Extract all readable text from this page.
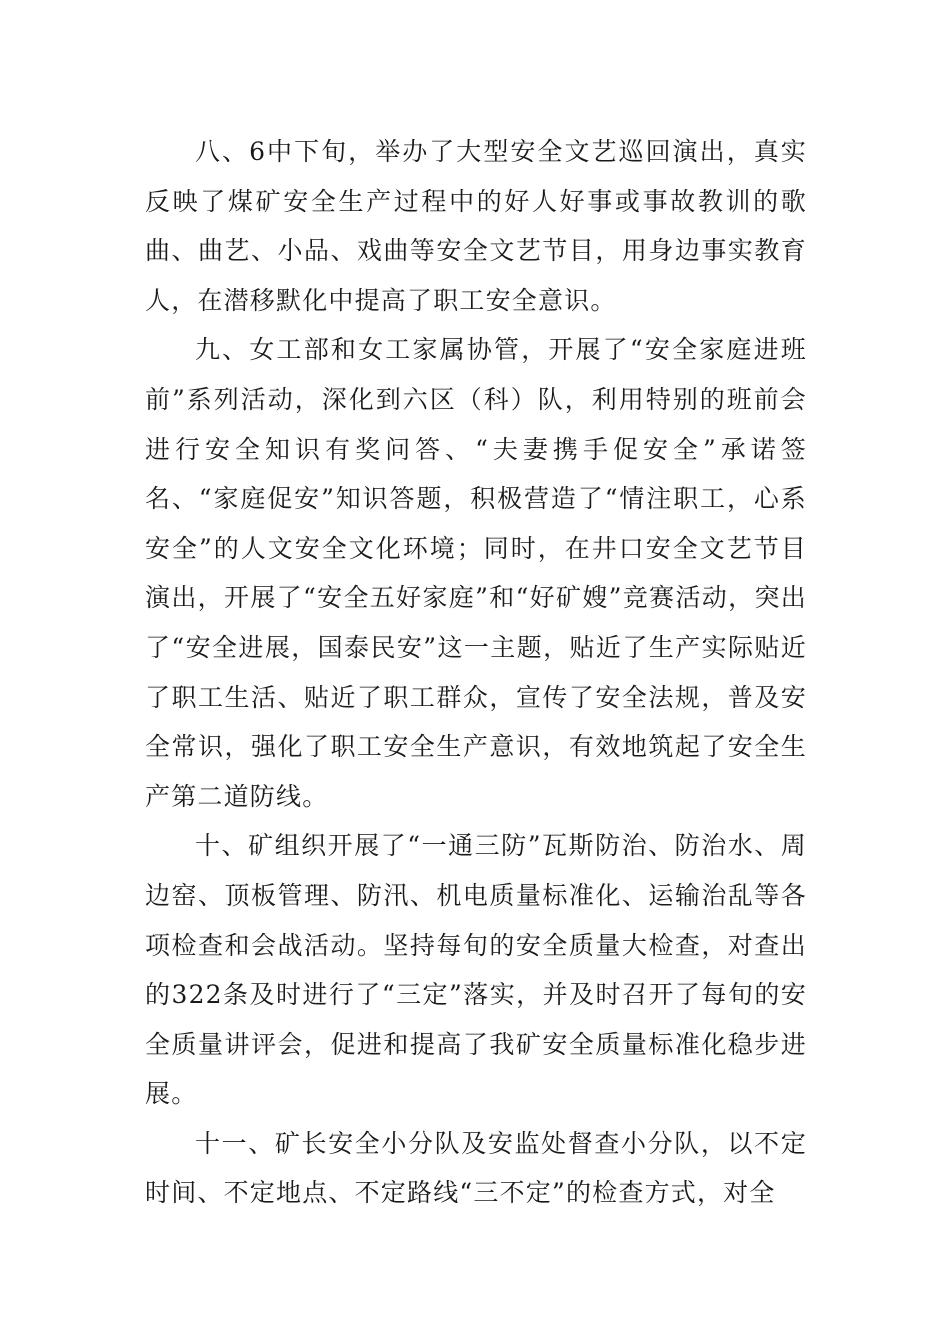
八、6中下旬，举办了大型安全文艺巡回演出，真实反映了煤矿安全生产过程中的好人好事或事故教训的歌曲、曲艺、小品、戏曲等安全文艺节目，用身边事实教育人，在潜移默化中提高了职工安全意识。

九、女工部和女工家属协管，开展了“安全家庭进班前”系列活动，深化到六区（科）队，利用特别的班前会进行安全知识有奖问答、“夫妻携手促安全”承诺签名、“家庭促安”知识答题，积极营造了“情注职工，心系安全”的人文安全文化环境；同时，在井口安全文艺节目演出，开展了“安全五好家庭”和“好矿嫂”竞赛活动，突出了“安全进展，国泰民安”这一主题，贴近了生产实际贴近了职工生活、贴近了职工群众，宣传了安全法规，普及安全常识，强化了职工安全生产意识，有效地筑起了安全生产第二道防线。

十、矿组织开展了“一通三防”瓦斯防治、防治水、周边窑、顶板管理、防汛、机电质量标准化、运输治乱等各项检查和会战活动。坚持每旬的安全质量大检查，对查出的322条及时进行了“三定”落实，并及时召开了每旬的安全质量讲评会，促进和提高了我矿安全质量标准化稳步进展。

十一、矿长安全小分队及安监处督查小分队，以不定时间、不定地点、不定路线“三不定”的检查方式，对全
